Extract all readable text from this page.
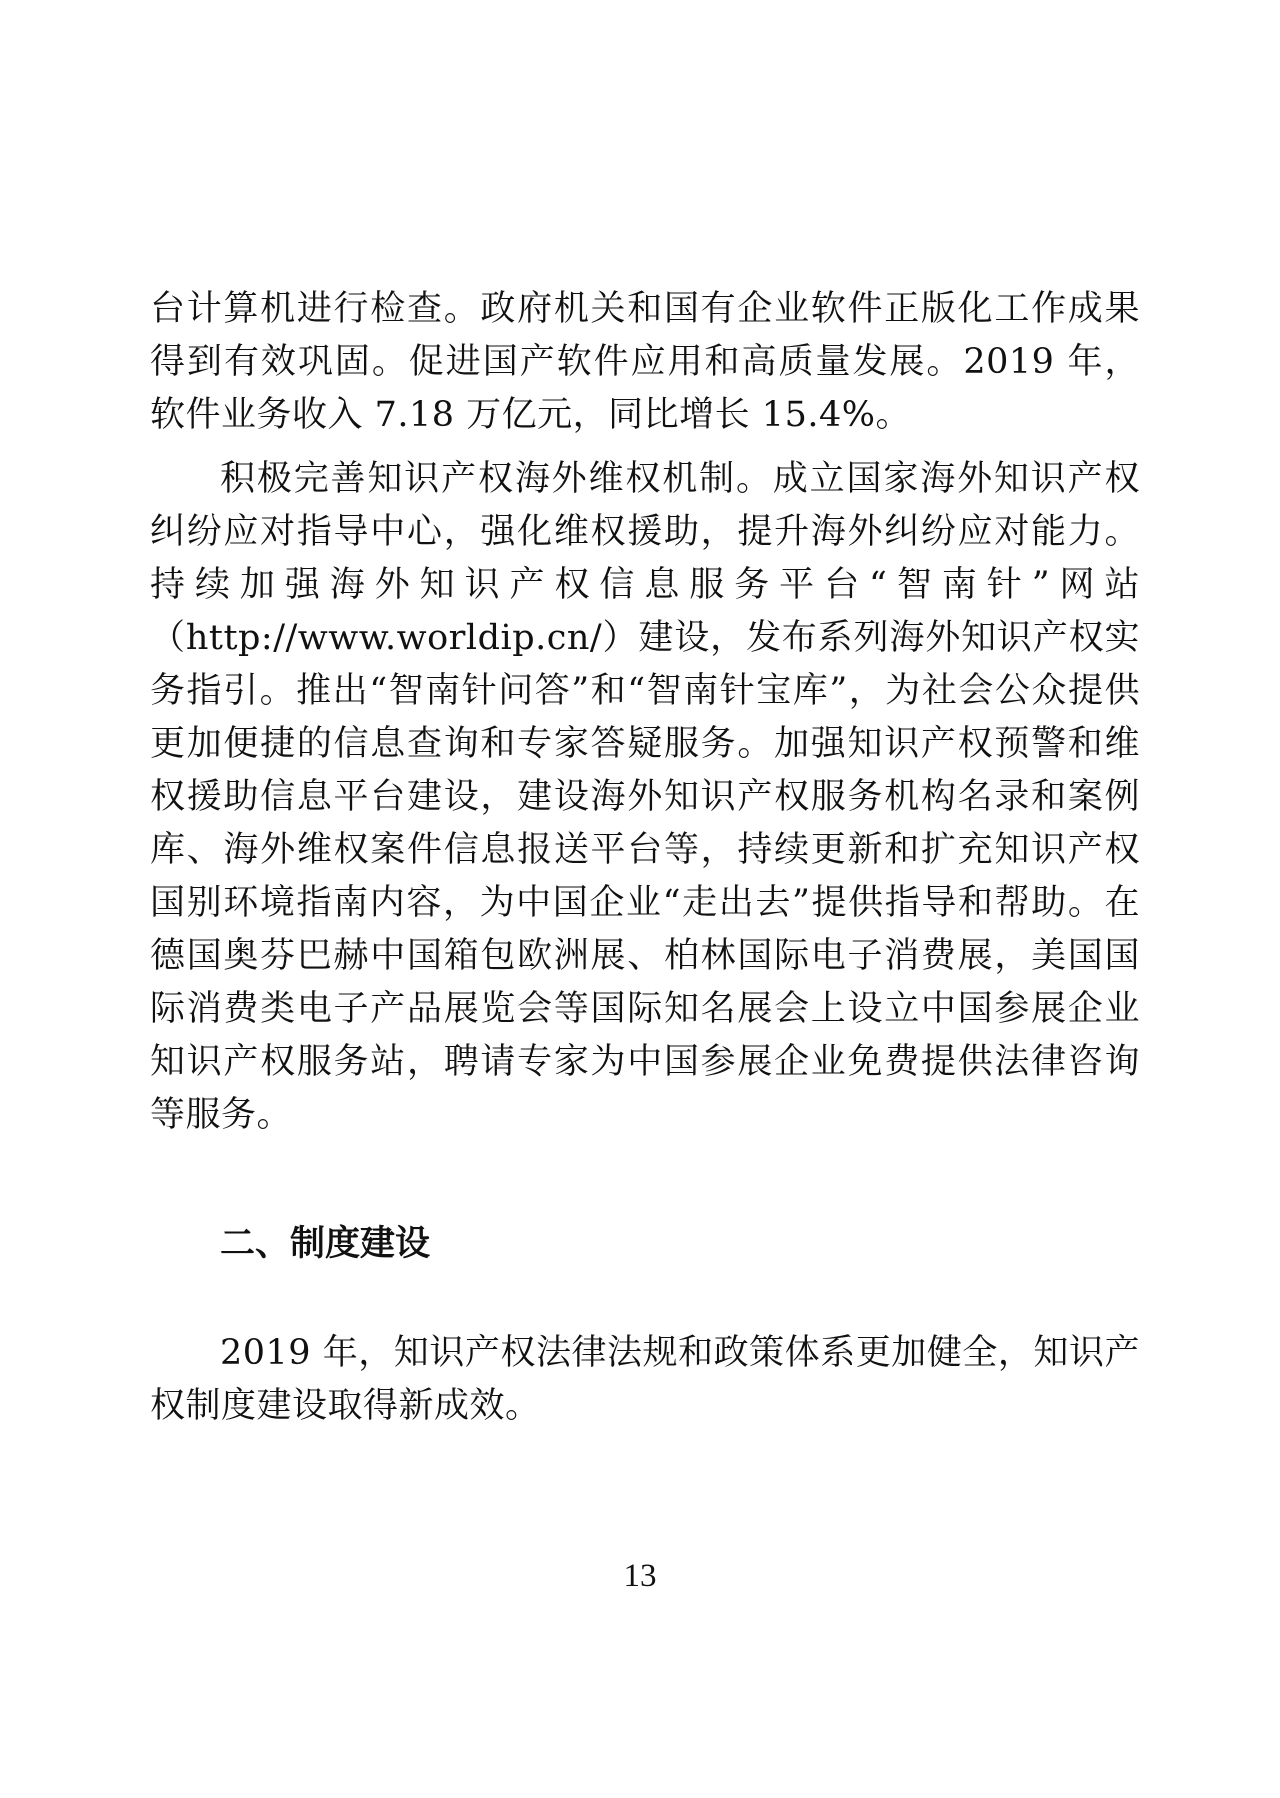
台计算机进行检查。政府机关和国有企业软件正版化工作成果得到有效巩固。促进国产软件应用和高质量发展。2019 年，软件业务收入 7.18 万亿元，同比增长 15.4%。

积极完善知识产权海外维权机制。成立国家海外知识产权纠纷应对指导中心，强化维权援助，提升海外纠纷应对能力。持续加强海外知识产权信息服务平台“智南针”网站（http://www.worldip.cn/）建设，发布系列海外知识产权实务指引。推出“智南针问答”和“智南针宝库”，为社会公众提供更加便捷的信息查询和专家答疑服务。加强知识产权预警和维权援助信息平台建设，建设海外知识产权服务机构名录和案例库、海外维权案件信息报送平台等，持续更新和扩充知识产权国别环境指南内容，为中国企业“走出去”提供指导和帮助。在德国奥芬巴赫中国箱包欧洲展、柏林国际电子消费展，美国国际消费类电子产品展览会等国际知名展会上设立中国参展企业知识产权服务站，聘请专家为中国参展企业免费提供法律咨询等服务。

二、制度建设

2019 年，知识产权法律法规和政策体系更加健全，知识产权制度建设取得新成效。

13
